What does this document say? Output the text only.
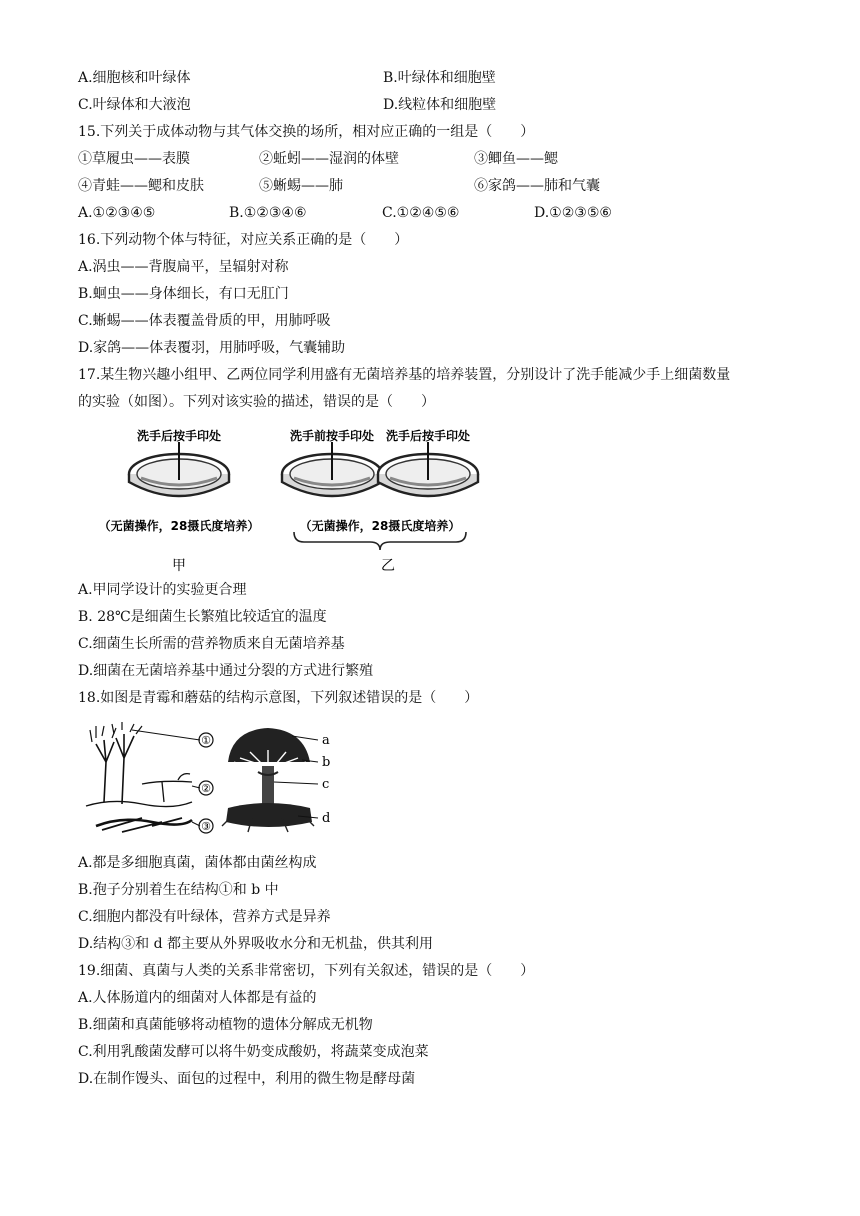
A.细胞核和叶绿体	B.叶绿体和细胞壁
C.叶绿体和大液泡	D.线粒体和细胞壁
15.下列关于成体动物与其气体交换的场所，相对应正确的一组是（　　）
①草履虫——表膜	②蚯蚓——湿润的体壁	③鲫鱼——鳃
④青蛙——鳃和皮肤	⑤蜥蜴——肺	⑥家鸽——肺和气囊
A.①②③④⑤	B.①②③④⑥	C.①②④⑤⑥	D.①②③⑤⑥
16.下列动物个体与特征，对应关系正确的是（　　）
A.涡虫——背腹扁平，呈辐射对称
B.蛔虫——身体细长，有口无肛门
C.蜥蜴——体表覆盖骨质的甲，用肺呼吸
D.家鸽——体表覆羽，用肺呼吸，气囊辅助
17.某生物兴趣小组甲、乙两位同学利用盛有无菌培养基的培养装置，分别设计了洗手能减少手上细菌数量
的实验（如图）。下列对该实验的描述，错误的是（　　）
洗手后按手印处
（无菌操作，28摄氏度培养）
洗手前按手印处 洗手后按手印处
（无菌操作，28摄氏度培养）
甲	乙
A.甲同学设计的实验更合理
B. 28℃是细菌生长繁殖比较适宜的温度
C.细菌生长所需的营养物质来自无菌培养基
D.细菌在无菌培养基中通过分裂的方式进行繁殖
18.如图是青霉和蘑菇的结构示意图，下列叙述错误的是（　　）
①
②
③
a
b
c
d
A.都是多细胞真菌，菌体都由菌丝构成
B.孢子分别着生在结构①和 b 中
C.细胞内都没有叶绿体，营养方式是异养
D.结构③和 d 都主要从外界吸收水分和无机盐，供其利用
19.细菌、真菌与人类的关系非常密切，下列有关叙述，错误的是（　　）
A.人体肠道内的细菌对人体都是有益的
B.细菌和真菌能够将动植物的遗体分解成无机物
C.利用乳酸菌发酵可以将牛奶变成酸奶，将蔬菜变成泡菜
D.在制作馒头、面包的过程中，利用的微生物是酵母菌
